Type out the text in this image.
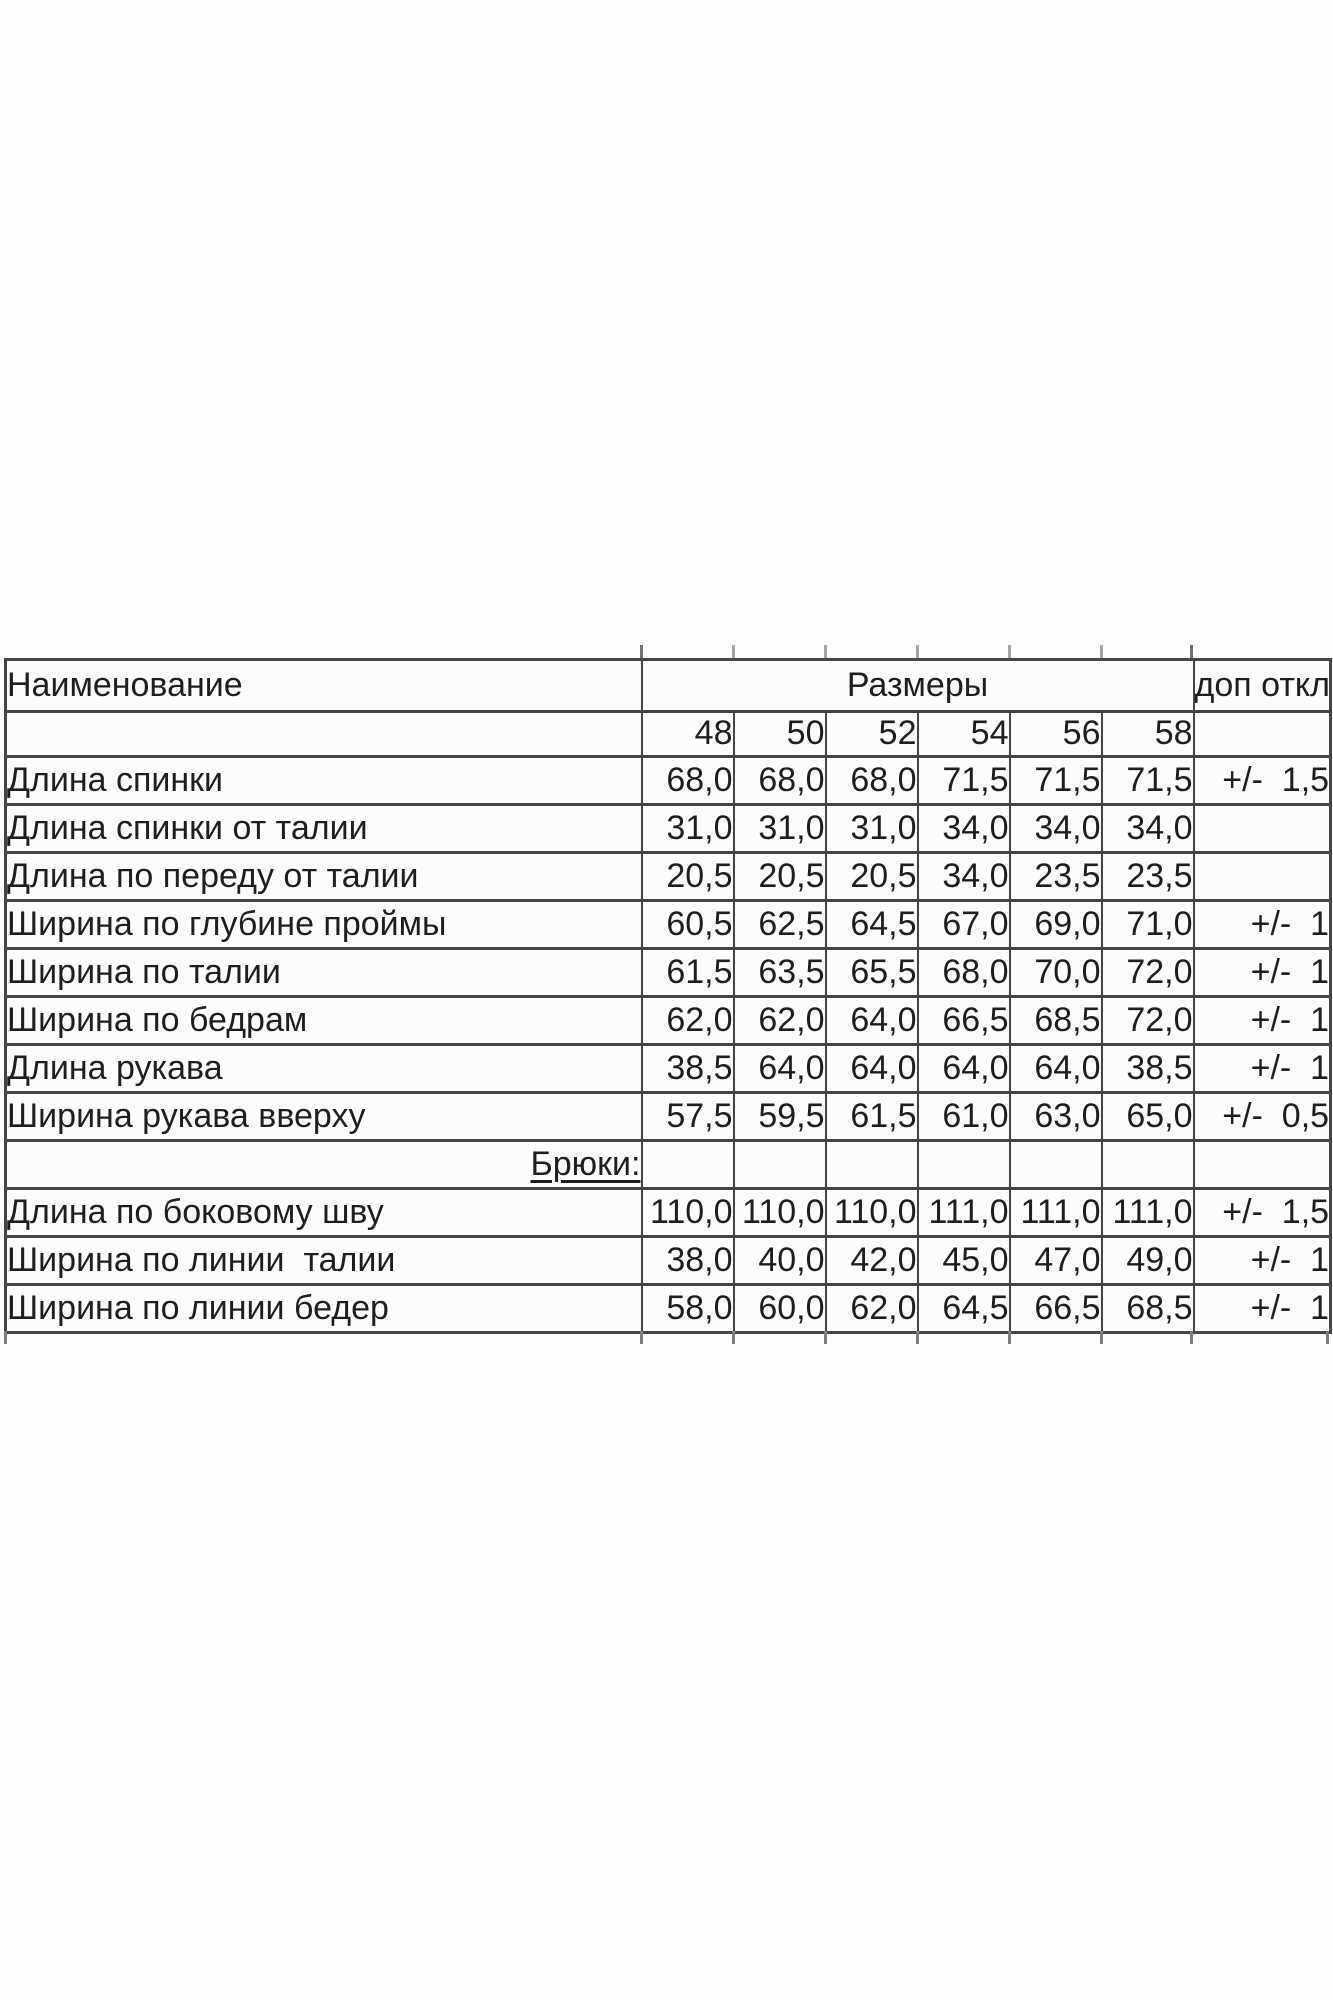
Наименование	Размеры						доп откл
	48	50	52	54	56	58	
Длина спинки	68,0	68,0	68,0	71,5	71,5	71,5	+/-  1,5
Длина спинки от талии	31,0	31,0	31,0	34,0	34,0	34,0	
Длина по переду от талии	20,5	20,5	20,5	34,0	23,5	23,5	
Ширина по глубине проймы	60,5	62,5	64,5	67,0	69,0	71,0	+/-  1
Ширина по талии	61,5	63,5	65,5	68,0	70,0	72,0	+/-  1
Ширина по бедрам	62,0	62,0	64,0	66,5	68,5	72,0	+/-  1
Длина рукава	38,5	64,0	64,0	64,0	64,0	38,5	+/-  1
Ширина рукава вверху	57,5	59,5	61,5	61,0	63,0	65,0	+/-  0,5
Брюки:							
Длина по боковому шву	110,0	110,0	110,0	111,0	111,0	111,0	+/-  1,5
Ширина по линии  талии	38,0	40,0	42,0	45,0	47,0	49,0	+/-  1
Ширина по линии бедер	58,0	60,0	62,0	64,5	66,5	68,5	+/-  1
